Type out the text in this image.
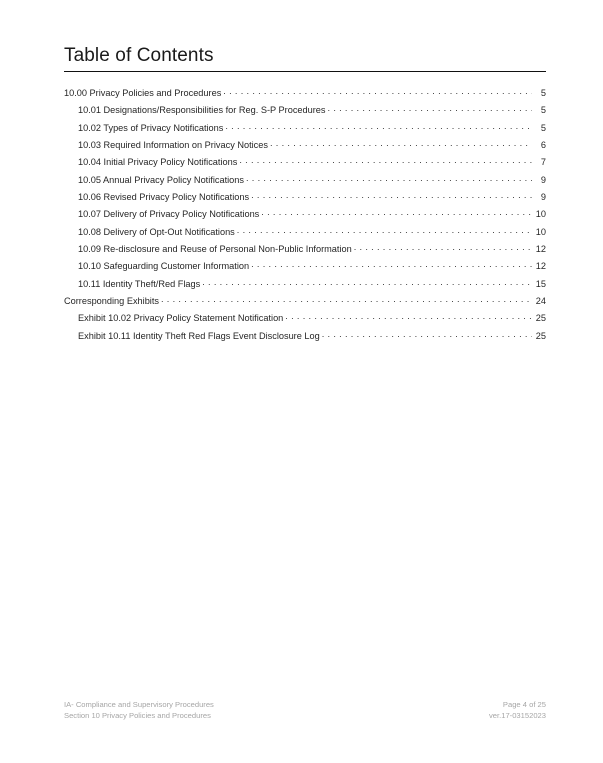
Table of Contents
10.00 Privacy Policies and Procedures . . .	5
10.01 Designations/Responsibilities for Reg. S-P Procedures . . .	5
10.02 Types of Privacy Notifications . . .	5
10.03 Required Information on Privacy Notices . . .	6
10.04 Initial Privacy Policy Notifications . . .	7
10.05 Annual Privacy Policy Notifications . . .	9
10.06 Revised Privacy Policy Notifications . . .	9
10.07 Delivery of Privacy Policy Notifications . . .	10
10.08 Delivery of Opt-Out Notifications . . .	10
10.09 Re-disclosure and Reuse of Personal Non-Public Information . . .	12
10.10 Safeguarding Customer Information . . .	12
10.11 Identity Theft/Red Flags . . .	15
Corresponding Exhibits . . .	24
Exhibit 10.02 Privacy Policy Statement Notification . . .	25
Exhibit 10.11 Identity Theft Red Flags Event Disclosure Log . . .	25
IA- Compliance and Supervisory Procedures
Section 10 Privacy Policies and Procedures
Page 4 of 25
ver.17-03152023
